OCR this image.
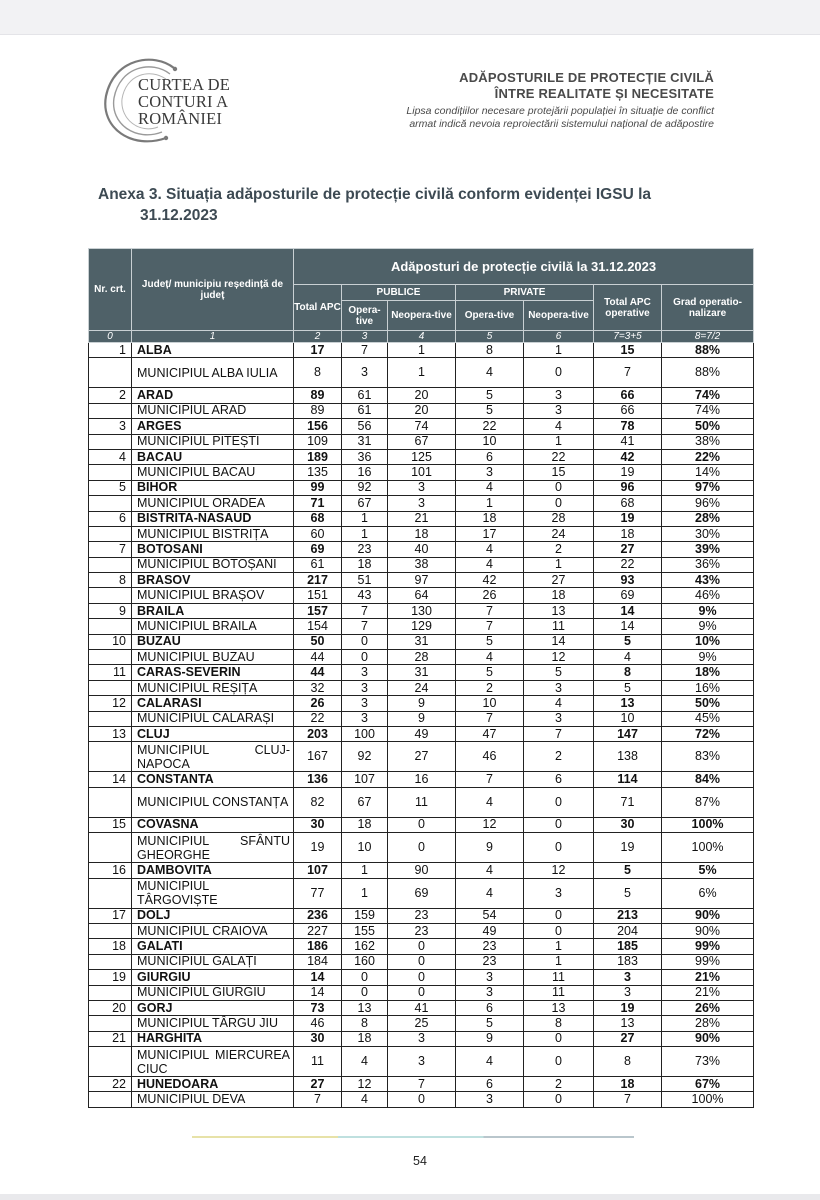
CURTEA DE
CONTURI A
ROMÂNIEI
ADĂPOSTURILE DE PROTECȚIE CIVILĂ
ÎNTRE REALITATE ȘI NECESITATE
Lipsa condițiilor necesare protejării populației în situație de conflict
armat indică nevoia reproiectării sistemului național de adăpostire
Anexa 3. Situația adăposturile de protecție civilă conform evidenței IGSU la
31.12.2023
Nr. crt.	Județ/ municipiu reședință de județ	Adăposturi de protecție civilă la 31.12.2023						
		Total APC	PUBLICE		PRIVATE		Total APC operative	Grad operatio-nalizare
			Opera-tive	Neopera-tive	Opera-tive	Neopera-tive		
0	1	2	3	4	5	6	7=3+5	8=7/2
1	ALBA	17	7	1	8	1	15	88%
	MUNICIPIUL ALBA IULIA	8	3	1	4	0	7	88%
2	ARAD	89	61	20	5	3	66	74%
	MUNICIPIUL ARAD	89	61	20	5	3	66	74%
3	ARGES	156	56	74	22	4	78	50%
	MUNICIPIUL PITEȘTI	109	31	67	10	1	41	38%
4	BACAU	189	36	125	6	22	42	22%
	MUNICIPIUL BACAU	135	16	101	3	15	19	14%
5	BIHOR	99	92	3	4	0	96	97%
	MUNICIPIUL ORADEA	71	67	3	1	0	68	96%
6	BISTRITA-NASAUD	68	1	21	18	28	19	28%
	MUNICIPIUL BISTRIȚA	60	1	18	17	24	18	30%
7	BOTOSANI	69	23	40	4	2	27	39%
	MUNICIPIUL BOTOȘANI	61	18	38	4	1	22	36%
8	BRASOV	217	51	97	42	27	93	43%
	MUNICIPIUL BRAȘOV	151	43	64	26	18	69	46%
9	BRAILA	157	7	130	7	13	14	9%
	MUNICIPIUL BRAILA	154	7	129	7	11	14	9%
10	BUZAU	50	0	31	5	14	5	10%
	MUNICIPIUL BUZAU	44	0	28	4	12	4	9%
11	CARAS-SEVERIN	44	3	31	5	5	8	18%
	MUNICIPIUL REȘIȚA	32	3	24	2	3	5	16%
12	CALARASI	26	3	9	10	4	13	50%
	MUNICIPIUL CALARAȘI	22	3	9	7	3	10	45%
13	CLUJ	203	100	49	47	7	147	72%
	MUNICIPIUL CLUJ-NAPOCA	167	92	27	46	2	138	83%
14	CONSTANTA	136	107	16	7	6	114	84%
	MUNICIPIUL CONSTANȚA	82	67	11	4	0	71	87%
15	COVASNA	30	18	0	12	0	30	100%
	MUNICIPIUL SFÂNTU GHEORGHE	19	10	0	9	0	19	100%
16	DAMBOVITA	107	1	90	4	12	5	5%
	MUNICIPIUL TÂRGOVIȘTE	77	1	69	4	3	5	6%
17	DOLJ	236	159	23	54	0	213	90%
	MUNICIPIUL CRAIOVA	227	155	23	49	0	204	90%
18	GALATI	186	162	0	23	1	185	99%
	MUNICIPIUL GALAȚI	184	160	0	23	1	183	99%
19	GIURGIU	14	0	0	3	11	3	21%
	MUNICIPIUL GIURGIU	14	0	0	3	11	3	21%
20	GORJ	73	13	41	6	13	19	26%
	MUNICIPIUL TÂRGU JIU	46	8	25	5	8	13	28%
21	HARGHITA	30	18	3	9	0	27	90%
	MUNICIPIUL MIERCUREA CIUC	11	4	3	4	0	8	73%
22	HUNEDOARA	27	12	7	6	2	18	67%
	MUNICIPIUL DEVA	7	4	0	3	0	7	100%
54
